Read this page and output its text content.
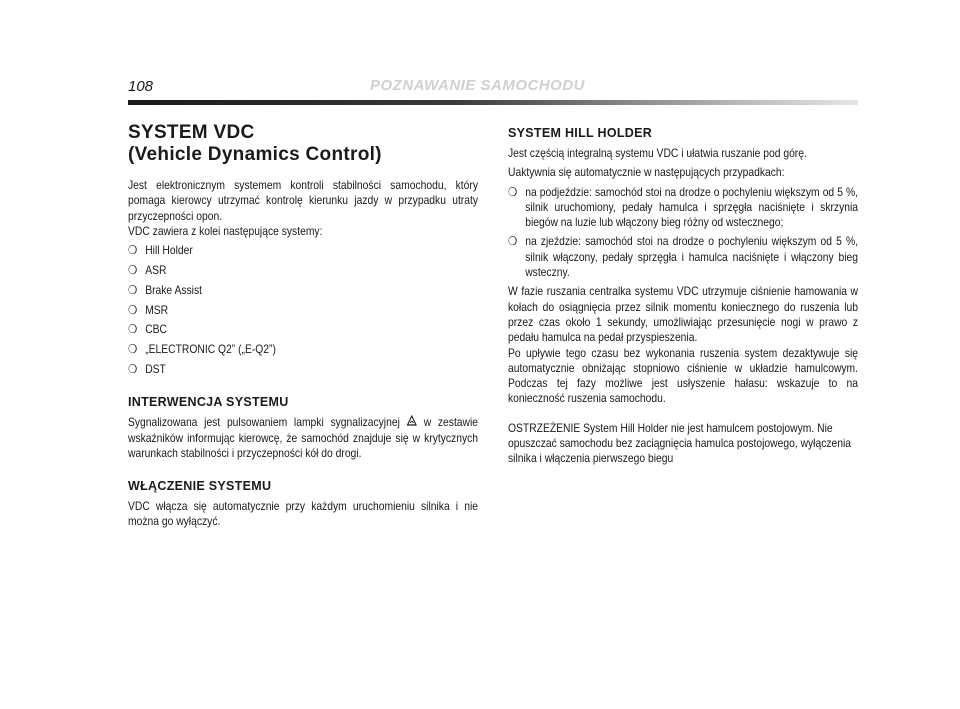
108	POZNAWANIE SAMOCHODU
SYSTEM VDC
(Vehicle Dynamics Control)

Jest elektronicznym systemem kontroli stabilności samochodu, który pomaga kierowcy utrzymać kontrolę kierunku jazdy w przypadku utraty przyczepności opon.

VDC zawiera z kolei następujące systemy:

❍ Hill Holder
❍ ASR
❍ Brake Assist
❍ MSR
❍ CBC
❍ „ELECTRONIC Q2” („E-Q2”)
❍ DST
INTERWENCJA SYSTEMU

Sygnalizowana jest pulsowaniem lampki sygnalizacyjnej w zestawie wskaźników informując kierowcę, że samochód znajduje się w krytycznych warunkach stabilności i przyczepności kół do drogi.

WŁĄCZENIE SYSTEMU

VDC włącza się automatycznie przy każdym uruchomieniu silnika i nie można go wyłączyć.

SYSTEM HILL HOLDER

Jest częścią integralną systemu VDC i ułatwia ruszanie pod górę.

Uaktywnia się automatycznie w następujących przypadkach:

❍ na podjeździe: samochód stoi na drodze o pochyleniu większym od 5 %, silnik uruchomiony, pedały hamulca i sprzęgła naciśnięte i skrzynia biegów na luzie lub włączony bieg różny od wstecznego;
❍ na zjeździe: samochód stoi na drodze o pochyleniu większym od 5 %, silnik włączony, pedały sprzęgła i hamulca naciśnięte i włączony bieg wsteczny.

W fazie ruszania centralka systemu VDC utrzymuje ciśnienie hamowania w kołach do osiągnięcia przez silnik momentu koniecznego do ruszenia lub przez czas około 1 sekundy, umożliwiając przesunięcie nogi w prawo z pedału hamulca na pedał przyspieszenia.

Po upływie tego czasu bez wykonania ruszenia system dezaktywuje się automatycznie obniżając stopniowo ciśnienie w układzie hamulcowym. Podczas tej fazy możliwe jest usłyszenie hałasu: wskazuje to na konieczność ruszenia samochodu.

OSTRZEŻENIE System Hill Holder nie jest hamulcem postojowym. Nie opuszczać samochodu bez zaciągnięcia hamulca postojowego, wyłączenia silnika i włączenia pierwszego biegu
